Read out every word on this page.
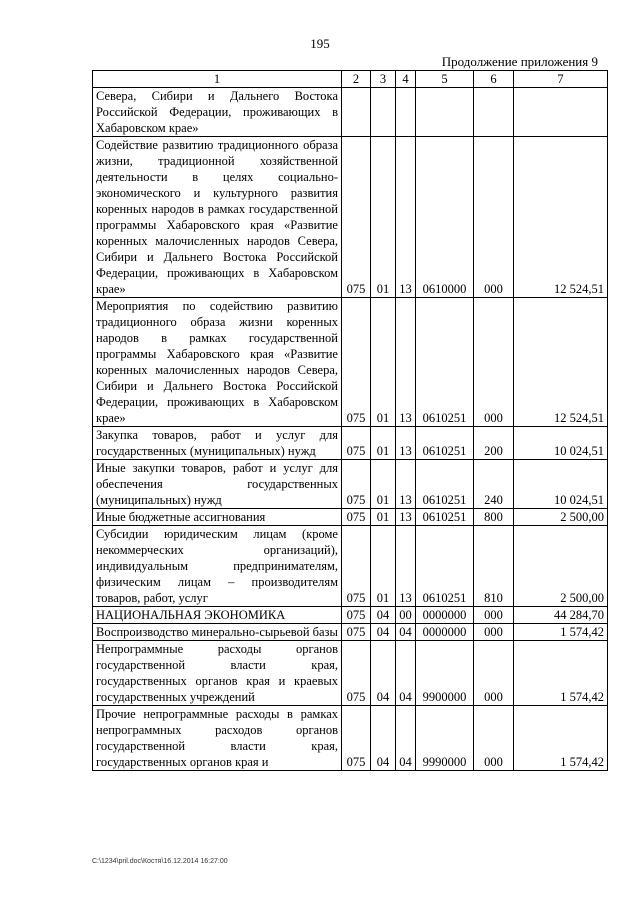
195
Продолжение приложения 9
1	2	3	4	5	6	7
Севера, Сибири и Дальнего Востока Российской Федерации, проживающих в Хабаровском крае»						
Содействие развитию традиционного образа жизни, традиционной хозяйственной деятельности в целях социально-экономического и культурного развития коренных народов в рамках государственной программы Хабаровского края «Развитие коренных малочисленных народов Севера, Сибири и Дальнего Востока Российской Федерации, проживающих в Хабаровском крае»	075	01	13	0610000	000	12 524,51
Мероприятия по содействию развитию традиционного образа жизни коренных народов в рамках государственной программы Хабаровского края «Развитие коренных малочисленных народов Севера, Сибири и Дальнего Востока Российской Федерации, проживающих в Хабаровском крае»	075	01	13	0610251	000	12 524,51
Закупка товаров, работ и услуг для государственных (муниципальных) нужд	075	01	13	0610251	200	10 024,51
Иные закупки товаров, работ и услуг для обеспечения государственных (муниципальных) нужд	075	01	13	0610251	240	10 024,51
Иные бюджетные ассигнования	075	01	13	0610251	800	2 500,00
Субсидии юридическим лицам (кроме некоммерческих организаций), индивидуальным предпринимателям, физическим лицам – производителям товаров, работ, услуг	075	01	13	0610251	810	2 500,00
НАЦИОНАЛЬНАЯ ЭКОНОМИКА	075	04	00	0000000	000	44 284,70
Воспроизводство минерально-сырьевой базы	075	04	04	0000000	000	1 574,42
Непрограммные расходы органов государственной власти края, государственных органов края и краевых государственных учреждений	075	04	04	9900000	000	1 574,42
Прочие непрограммные расходы в рамках непрограммных расходов органов государственной власти края, государственных органов края и	075	04	04	9990000	000	1 574,42
C:\1234\pril.doc\Костя\16.12.2014 16:27:00
